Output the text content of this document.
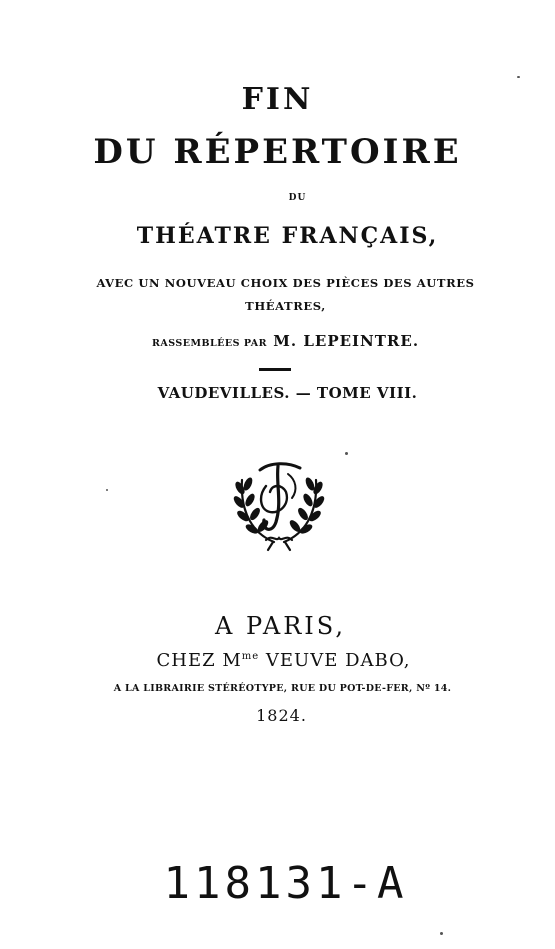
FIN
DU RÉPERTOIRE
DU
THÉATRE FRANÇAIS,
AVEC UN NOUVEAU CHOIX DES PIÈCES DES AUTRES
THÉATRES,
RASSEMBLÉES PAR M. LEPEINTRE.
VAUDEVILLES. — TOME VIII.
A PARIS,
CHEZ $M^{me}$ VEUVE DABO,
A LA LIBRAIRIE STÉRÉOTYPE, RUE DU POT-DE-FER, Nº 14.
1824.
118131-A
